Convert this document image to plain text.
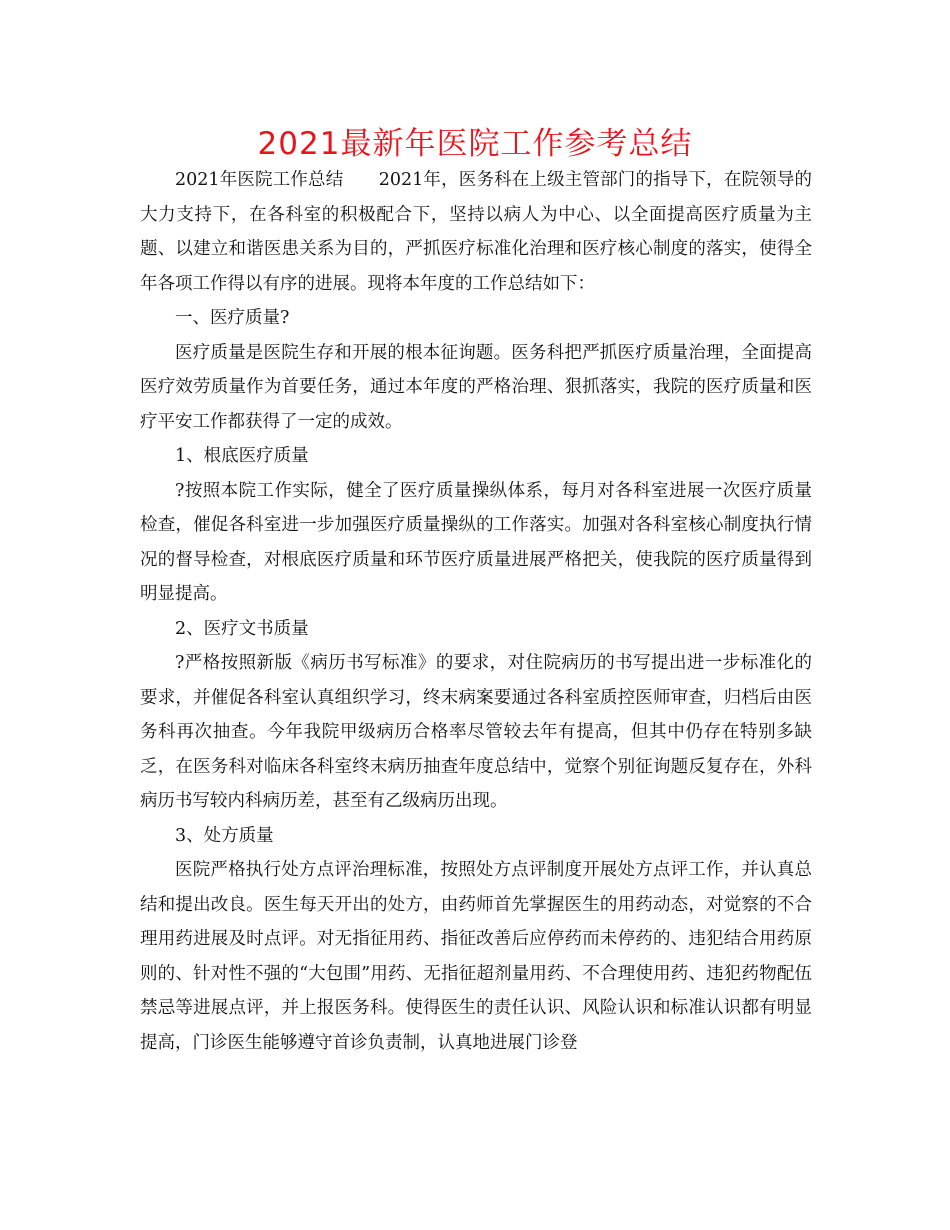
2021最新年医院工作参考总结

2021年医院工作总结　　2021年，医务科在上级主管部门的指导下，在院领导的大力支持下，在各科室的积极配合下，坚持以病人为中心、以全面提高医疗质量为主题、以建立和谐医患关系为目的，严抓医疗标准化治理和医疗核心制度的落实，使得全年各项工作得以有序的进展。现将本年度的工作总结如下：

一、医疗质量?

医疗质量是医院生存和开展的根本征询题。医务科把严抓医疗质量治理，全面提高医疗效劳质量作为首要任务，通过本年度的严格治理、狠抓落实，我院的医疗质量和医疗平安工作都获得了一定的成效。

1、根底医疗质量

?按照本院工作实际，健全了医疗质量操纵体系，每月对各科室进展一次医疗质量检查，催促各科室进一步加强医疗质量操纵的工作落实。加强对各科室核心制度执行情况的督导检查，对根底医疗质量和环节医疗质量进展严格把关，使我院的医疗质量得到明显提高。

2、医疗文书质量

?严格按照新版《病历书写标准》的要求，对住院病历的书写提出进一步标准化的要求，并催促各科室认真组织学习，终末病案要通过各科室质控医师审查，归档后由医务科再次抽查。今年我院甲级病历合格率尽管较去年有提高，但其中仍存在特别多缺乏，在医务科对临床各科室终末病历抽查年度总结中，觉察个别征询题反复存在，外科病历书写较内科病历差，甚至有乙级病历出现。

3、处方质量

医院严格执行处方点评治理标准，按照处方点评制度开展处方点评工作，并认真总结和提出改良。医生每天开出的处方，由药师首先掌握医生的用药动态，对觉察的不合理用药进展及时点评。对无指征用药、指征改善后应停药而未停药的、违犯结合用药原则的、针对性不强的“大包围”用药、无指征超剂量用药、不合理使用药、违犯药物配伍禁忌等进展点评，并上报医务科。使得医生的责任认识、风险认识和标准认识都有明显提高，门诊医生能够遵守首诊负责制，认真地进展门诊登
